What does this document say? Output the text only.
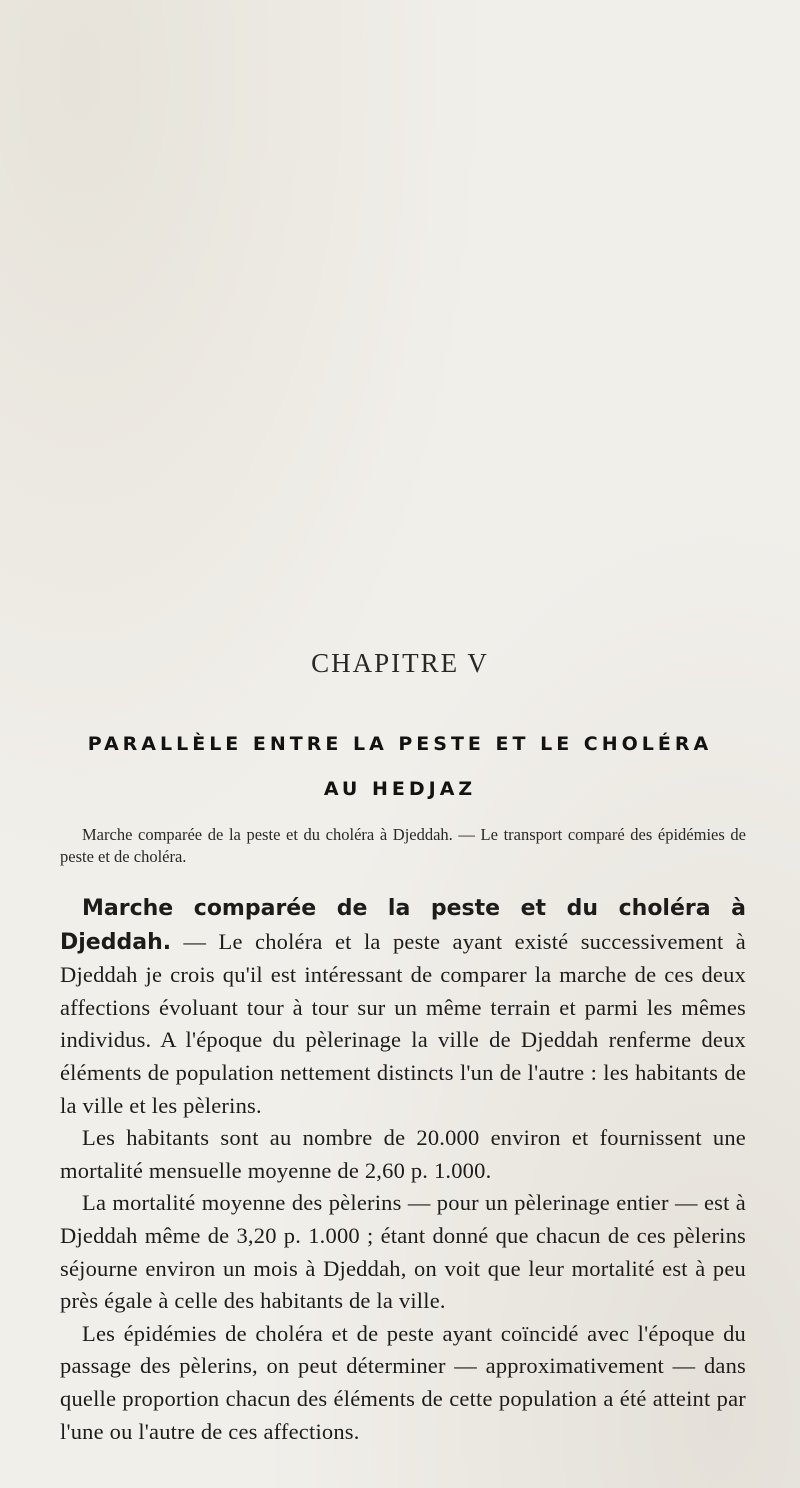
CHAPITRE V
PARALLÈLE ENTRE LA PESTE ET LE CHOLÉRA
AU HEDJAZ
Marche comparée de la peste et du choléra à Djeddah. — Le transport comparé des épidémies de peste et de choléra.

Marche comparée de la peste et du choléra à Djeddah. — Le choléra et la peste ayant existé successivement à Djeddah je crois qu'il est intéressant de comparer la marche de ces deux affections évoluant tour à tour sur un même terrain et parmi les mêmes individus. A l'époque du pèlerinage la ville de Djeddah renferme deux éléments de population nettement distincts l'un de l'autre : les habitants de la ville et les pèlerins.

Les habitants sont au nombre de 20.000 environ et fournissent une mortalité mensuelle moyenne de 2,60 p. 1.000.

La mortalité moyenne des pèlerins — pour un pèlerinage entier — est à Djeddah même de 3,20 p. 1.000 ; étant donné que chacun de ces pèlerins séjourne environ un mois à Djeddah, on voit que leur mortalité est à peu près égale à celle des habitants de la ville.

Les épidémies de choléra et de peste ayant coïncidé avec l'époque du passage des pèlerins, on peut déterminer — approximativement — dans quelle proportion chacun des éléments de cette population a été atteint par l'une ou l'autre de ces affections.
